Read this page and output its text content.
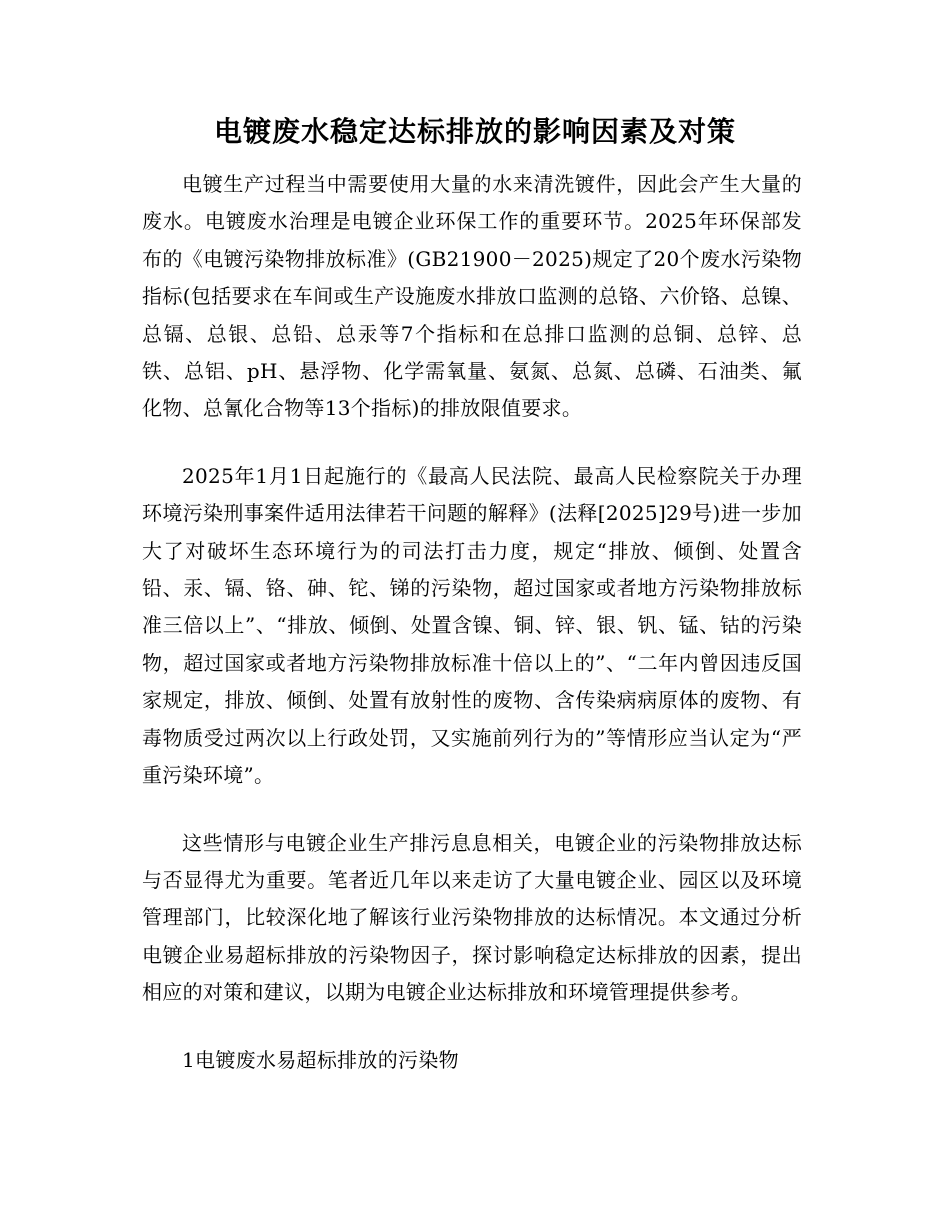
电镀废水稳定达标排放的影响因素及对策

电镀生产过程当中需要使用大量的水来清洗镀件，因此会产生大量的废水。电镀废水治理是电镀企业环保工作的重要环节。2025年环保部发布的《电镀污染物排放标准》(GB21900－2025)规定了20个废水污染物指标(包括要求在车间或生产设施废水排放口监测的总铬、六价铬、总镍、总镉、总银、总铅、总汞等7个指标和在总排口监测的总铜、总锌、总铁、总铝、pH、悬浮物、化学需氧量、氨氮、总氮、总磷、石油类、氟化物、总氰化合物等13个指标)的排放限值要求。

2025年1月1日起施行的《最高人民法院、最高人民检察院关于办理环境污染刑事案件适用法律若干问题的解释》(法释[2025]29号)进一步加大了对破坏生态环境行为的司法打击力度，规定“排放、倾倒、处置含铅、汞、镉、铬、砷、铊、锑的污染物，超过国家或者地方污染物排放标准三倍以上”、“排放、倾倒、处置含镍、铜、锌、银、钒、锰、钴的污染物，超过国家或者地方污染物排放标准十倍以上的”、“二年内曾因违反国家规定，排放、倾倒、处置有放射性的废物、含传染病病原体的废物、有毒物质受过两次以上行政处罚，又实施前列行为的”等情形应当认定为“严重污染环境”。

这些情形与电镀企业生产排污息息相关，电镀企业的污染物排放达标与否显得尤为重要。笔者近几年以来走访了大量电镀企业、园区以及环境管理部门，比较深化地了解该行业污染物排放的达标情况。本文通过分析电镀企业易超标排放的污染物因子，探讨影响稳定达标排放的因素，提出相应的对策和建议，以期为电镀企业达标排放和环境管理提供参考。

1电镀废水易超标排放的污染物
